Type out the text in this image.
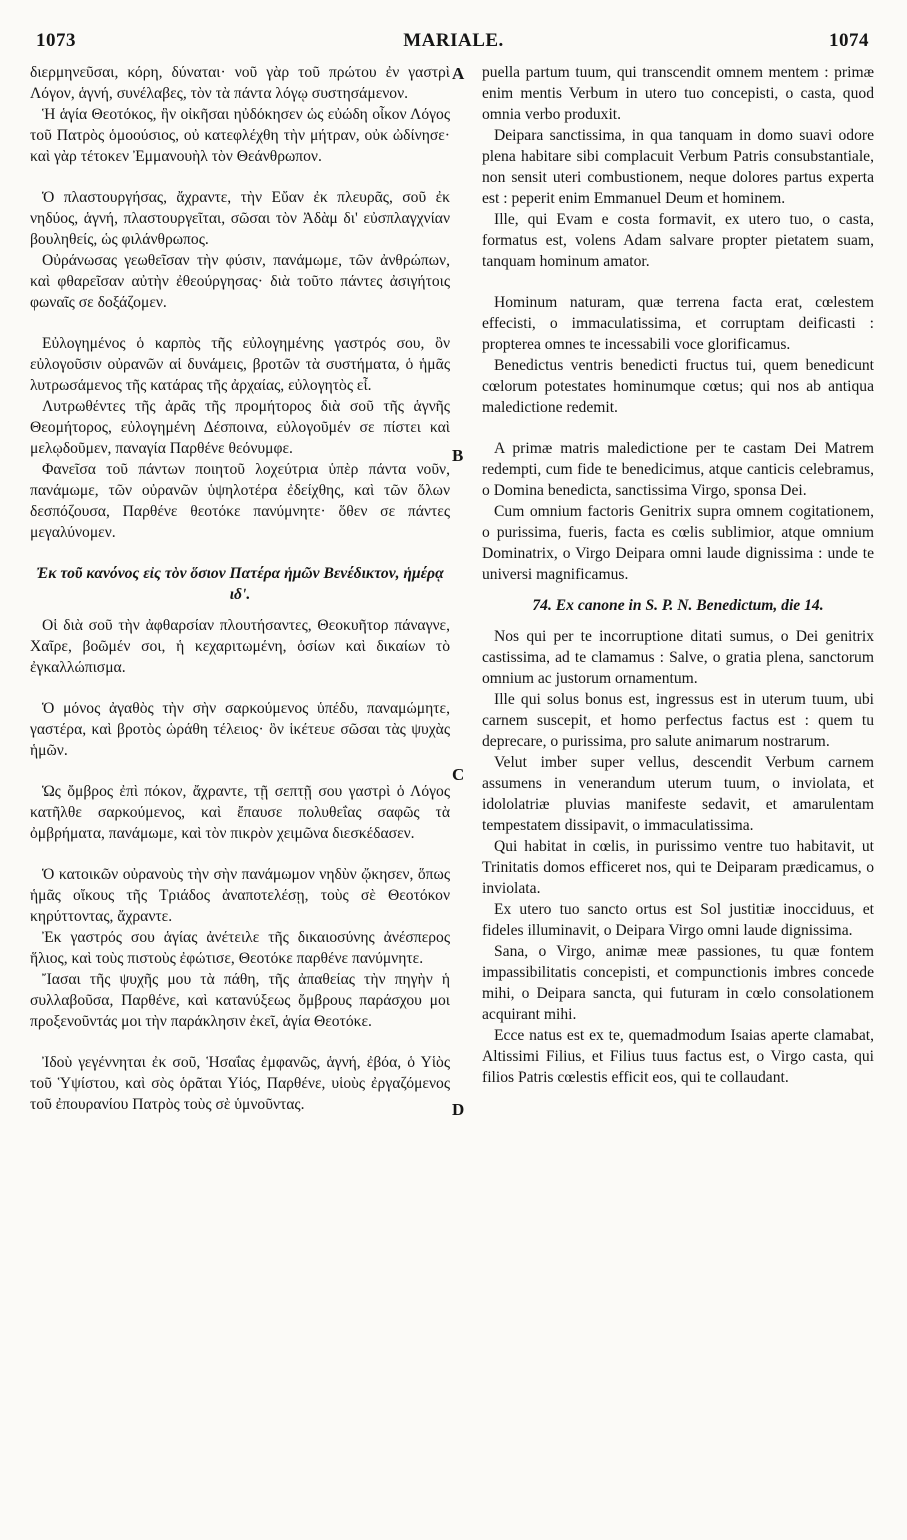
1073	MARIALE.	1074
A
B
C
D

διερμηνεῦσαι, κόρη, δύναται· νοῦ γὰρ τοῦ πρώτου ἐν γαστρὶ Λόγον, ἁγνή, συνέλαβες, τὸν τὰ πάντα λόγῳ συστησάμενον.

Ἡ ἁγία Θεοτόκος, ἣν οἰκῆσαι ηὐδόκησεν ὡς εὐώδη οἶκον Λόγος τοῦ Πατρὸς ὁμοούσιος, οὐ κατεφλέχθη τὴν μήτραν, οὐκ ὠδίνησε· καὶ γὰρ τέτοκεν Ἐμμανουὴλ τὸν Θεάνθρωπον.

Ὁ πλαστουργήσας, ἄχραντε, τὴν Εὔαν ἐκ πλευρᾶς, σοῦ ἐκ νηδύος, ἁγνή, πλαστουργεῖται, σῶσαι τὸν Ἀδὰμ δι' εὐσπλαγχνίαν βουληθείς, ὡς φιλάνθρωπος.

Οὐράνωσας γεωθεῖσαν τὴν φύσιν, πανάμωμε, τῶν ἀνθρώπων, καὶ φθαρεῖσαν αὐτὴν ἐθεούργησας· διὰ τοῦτο πάντες ἀσιγήτοις φωναῖς σε δοξάζομεν.

Εὐλογημένος ὁ καρπὸς τῆς εὐλογημένης γαστρός σου, ὃν εὐλογοῦσιν οὐρανῶν αἱ δυνάμεις, βροτῶν τὰ συστήματα, ὁ ἡμᾶς λυτρωσάμενος τῆς κατάρας τῆς ἀρχαίας, εὐλογητὸς εἶ.

Λυτρωθέντες τῆς ἀρᾶς τῆς προμήτορος διὰ σοῦ τῆς ἁγνῆς Θεομήτορος, εὐλογημένη Δέσποινα, εὐλογοῦμέν σε πίστει καὶ μελῳδοῦμεν, παναγία Παρθένε θεόνυμφε.

Φανεῖσα τοῦ πάντων ποιητοῦ λοχεύτρια ὑπὲρ πάντα νοῦν, πανάμωμε, τῶν οὐρανῶν ὑψηλοτέρα ἐδείχθης, καὶ τῶν ὅλων δεσπόζουσα, Παρθένε θεοτόκε πανύμνητε· ὅθεν σε πάντες μεγαλύνομεν.

Ἐκ τοῦ κανόνος εἰς τὸν ὅσιον Πατέρα ἡμῶν Βενέδικτον, ἡμέρᾳ ιδʹ.

Οἱ διὰ σοῦ τὴν ἀφθαρσίαν πλουτήσαντες, Θεοκυῆτορ πάναγνε, Χαῖρε, βοῶμέν σοι, ἡ κεχαριτωμένη, ὁσίων καὶ δικαίων τὸ ἐγκαλλώπισμα.

Ὁ μόνος ἀγαθὸς τὴν σὴν σαρκούμενος ὑπέδυ, παναμώμητε, γαστέρα, καὶ βροτὸς ὡράθη τέλειος· ὃν ἱκέτευε σῶσαι τὰς ψυχὰς ἡμῶν.

Ὡς ὄμβρος ἐπὶ πόκον, ἄχραντε, τῇ σεπτῇ σου γαστρὶ ὁ Λόγος κατῆλθε σαρκούμενος, καὶ ἔπαυσε πολυθεΐας σαφῶς τὰ ὀμβρήματα, πανάμωμε, καὶ τὸν πικρὸν χειμῶνα διεσκέδασεν.

Ὁ κατοικῶν οὐρανοὺς τὴν σὴν πανάμωμον νηδὺν ᾤκησεν, ὅπως ἡμᾶς οἴκους τῆς Τριάδος ἀναποτελέσῃ, τοὺς σὲ Θεοτόκον κηρύττοντας, ἄχραντε.

Ἐκ γαστρός σου ἁγίας ἀνέτειλε τῆς δικαιοσύνης ἀνέσπερος ἥλιος, καὶ τοὺς πιστοὺς ἐφώτισε, Θεοτόκε παρθένε πανύμνητε.

Ἴασαι τῆς ψυχῆς μου τὰ πάθη, τῆς ἀπαθείας τὴν πηγὴν ἡ συλλαβοῦσα, Παρθένε, καὶ κατανύξεως ὄμβρους παράσχου μοι προξενοῦντάς μοι τὴν παράκλησιν ἐκεῖ, ἁγία Θεοτόκε.

Ἰδοὺ γεγέννηται ἐκ σοῦ, Ἡσαΐας ἐμφανῶς, ἁγνή, ἐβόα, ὁ Υἱὸς τοῦ Ὑψίστου, καὶ σὸς ὁρᾶται Υἱός, Παρθένε, υἱοὺς ἐργαζόμενος τοῦ ἐπουρανίου Πατρὸς τοὺς σὲ ὑμνοῦντας.

puella partum tuum, qui transcendit omnem mentem : primæ enim mentis Verbum in utero tuo concepisti, o casta, quod omnia verbo produxit.

Deipara sanctissima, in qua tanquam in domo suavi odore plena habitare sibi complacuit Verbum Patris consubstantiale, non sensit uteri combustionem, neque dolores partus experta est : peperit enim Emmanuel Deum et hominem.

Ille, qui Evam e costa formavit, ex utero tuo, o casta, formatus est, volens Adam salvare propter pietatem suam, tanquam hominum amator.

Hominum naturam, quæ terrena facta erat, cœlestem effecisti, o immaculatissima, et corruptam deificasti : propterea omnes te incessabili voce glorificamus.

Benedictus ventris benedicti fructus tui, quem benedicunt cœlorum potestates hominumque cœtus; qui nos ab antiqua maledictione redemit.

A primæ matris maledictione per te castam Dei Matrem redempti, cum fide te benedicimus, atque canticis celebramus, o Domina benedicta, sanctissima Virgo, sponsa Dei.

Cum omnium factoris Genitrix supra omnem cogitationem, o purissima, fueris, facta es cœlis sublimior, atque omnium Dominatrix, o Virgo Deipara omni laude dignissima : unde te universi magnificamus.

74. Ex canone in S. P. N. Benedictum, die 14.

Nos qui per te incorruptione ditati sumus, o Dei genitrix castissima, ad te clamamus : Salve, o gratia plena, sanctorum omnium ac justorum ornamentum.

Ille qui solus bonus est, ingressus est in uterum tuum, ubi carnem suscepit, et homo perfectus factus est : quem tu deprecare, o purissima, pro salute animarum nostrarum.

Velut imber super vellus, descendit Verbum carnem assumens in venerandum uterum tuum, o inviolata, et idololatriæ pluvias manifeste sedavit, et amarulentam tempestatem dissipavit, o immaculatissima.

Qui habitat in cœlis, in purissimo ventre tuo habitavit, ut Trinitatis domos efficeret nos, qui te Deiparam prædicamus, o inviolata.

Ex utero tuo sancto ortus est Sol justitiæ inocciduus, et fideles illuminavit, o Deipara Virgo omni laude dignissima.

Sana, o Virgo, animæ meæ passiones, tu quæ fontem impassibilitatis concepisti, et compunctionis imbres concede mihi, o Deipara sancta, qui futuram in cœlo consolationem acquirant mihi.

Ecce natus est ex te, quemadmodum Isaias aperte clamabat, Altissimi Filius, et Filius tuus factus est, o Virgo casta, qui filios Patris cœlestis efficit eos, qui te collaudant.
